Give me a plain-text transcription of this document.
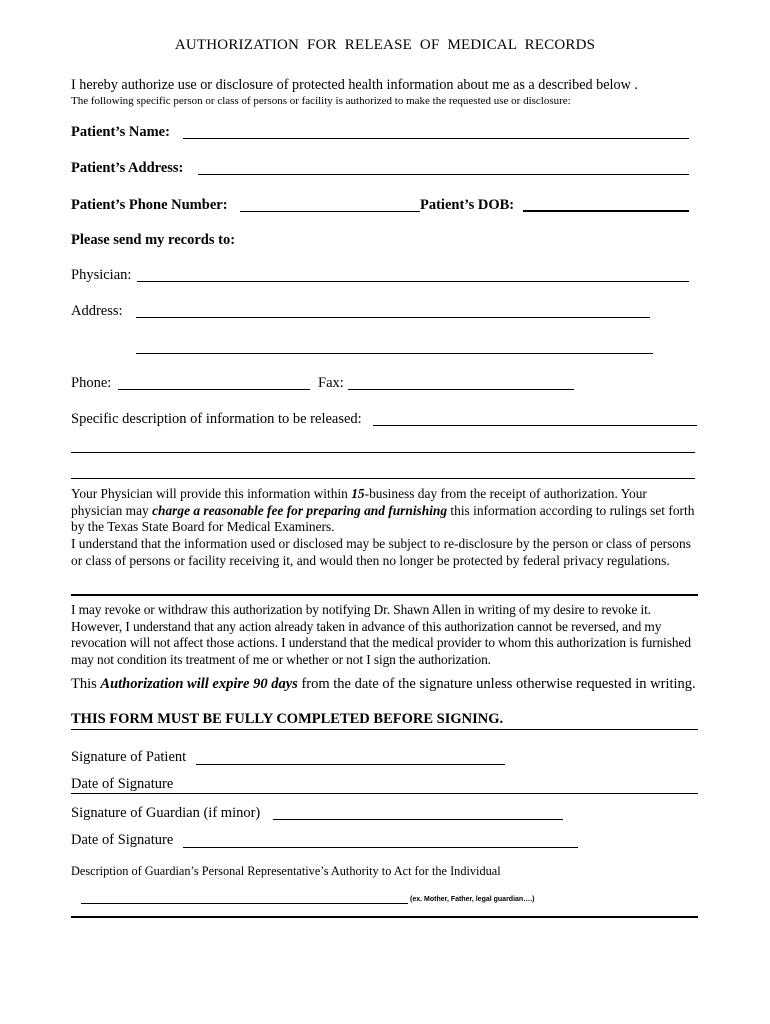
AUTHORIZATION FOR RELEASE OF MEDICAL RECORDS
I hereby authorize use or disclosure of protected health information about me as a described below .
The following specific person or class of persons or facility is authorized to make the requested use or disclosure:
Patient’s Name:
Patient’s Address:
Patient’s Phone Number:	Patient’s DOB:
Please send my records to:
Physician:
Address:
Phone:	Fax:
Specific description of information to be released:
Your Physician will provide this information within 15-business day from the receipt of authorization. Your physician may charge a reasonable fee for preparing and furnishing this information according to rulings set forth by the Texas State Board for Medical Examiners.
I understand that the information used or disclosed may be subject to re-disclosure by the person or class of persons or class of persons or facility receiving it, and would then no longer be protected by federal privacy regulations.
I may revoke or withdraw this authorization by notifying Dr. Shawn Allen in writing of my desire to revoke it. However, I understand that any action already taken in advance of this authorization cannot be reversed, and my revocation will not affect those actions. I understand that the medical provider to whom this authorization is furnished may not condition its treatment of me or whether or not I sign the authorization.
This Authorization will expire 90 days from the date of the signature unless otherwise requested in writing.
THIS FORM MUST BE FULLY COMPLETED BEFORE SIGNING.
Signature of Patient
Date of Signature
Signature of Guardian (if minor)
Date of Signature
Description of Guardian’s Personal Representative’s Authority to Act for the Individual
(ex. Mother, Father, legal guardian….)
